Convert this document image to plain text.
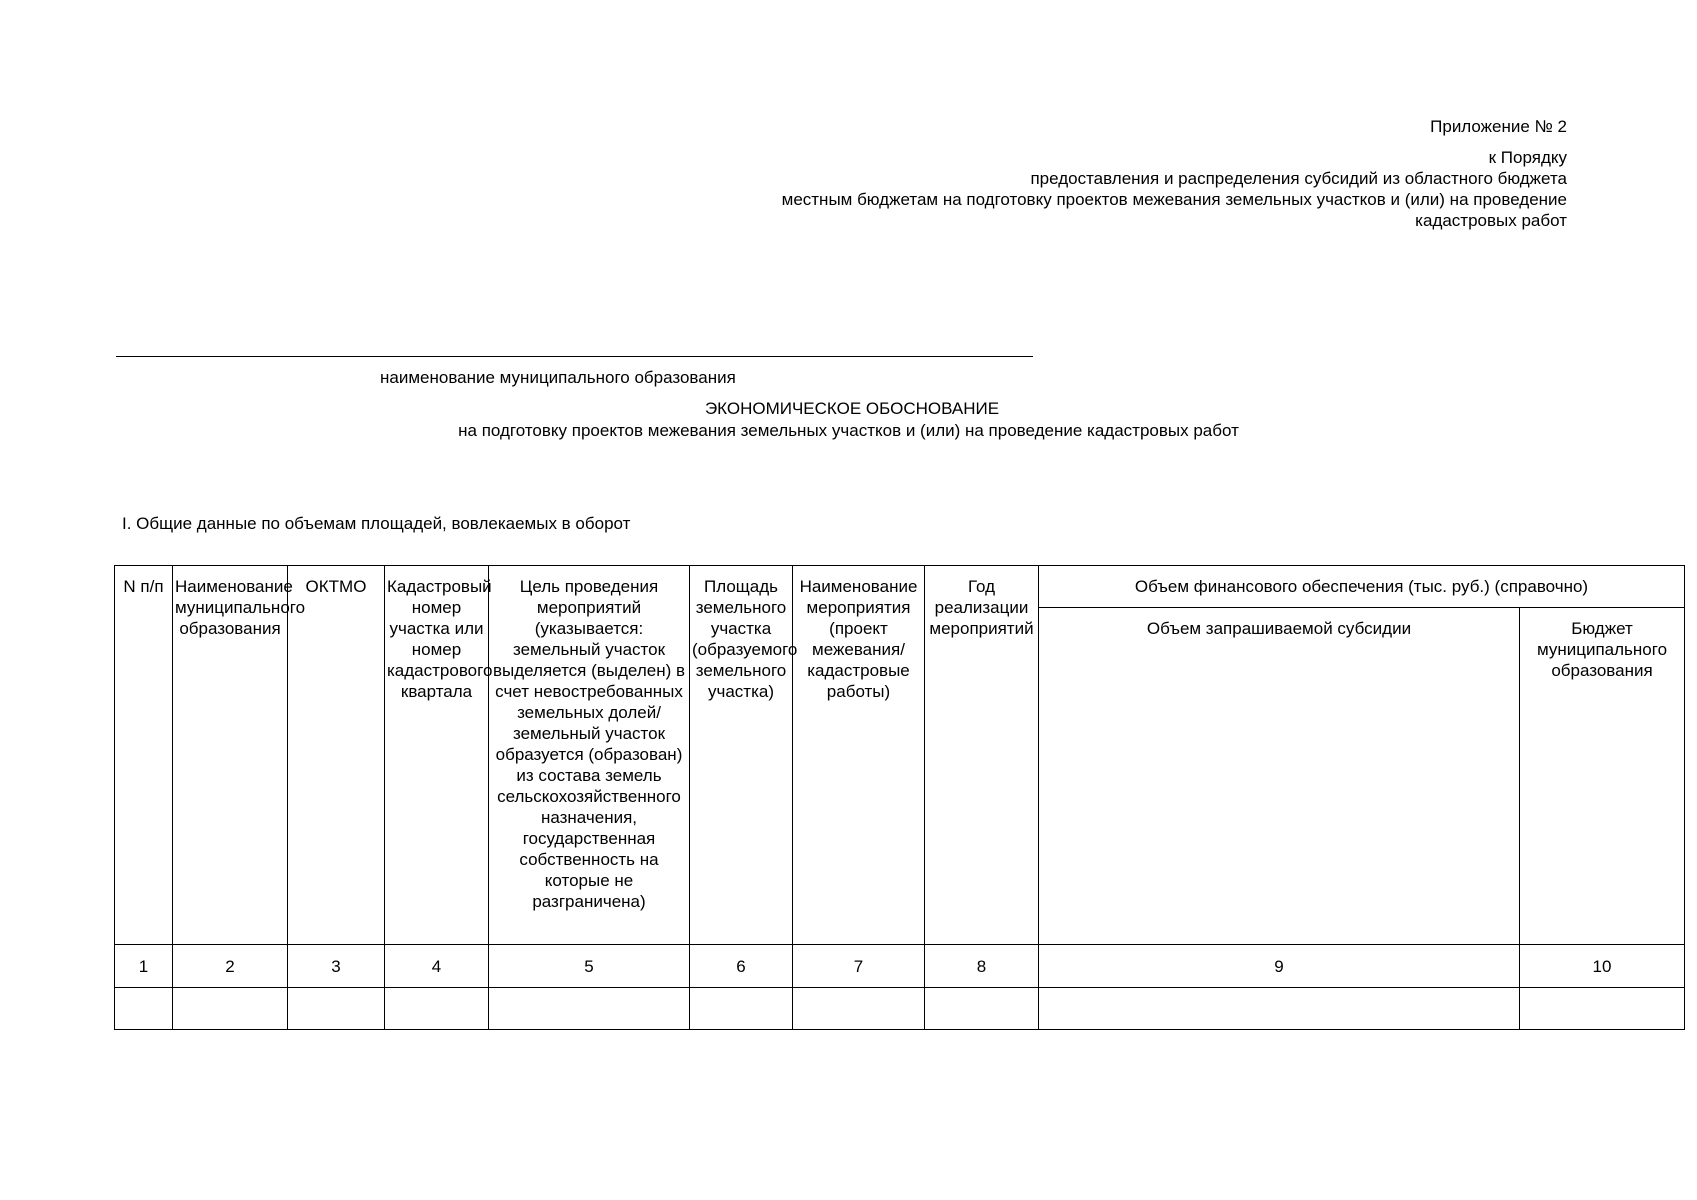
Приложение № 2
к Порядку
предоставления и распределения субсидий из областного бюджета
местным бюджетам на подготовку проектов межевания земельных участков и (или) на проведение
кадастровых работ
наименование муниципального образования
ЭКОНОМИЧЕСКОЕ ОБОСНОВАНИЕ
на подготовку проектов межевания земельных участков и (или) на проведение кадастровых работ
I. Общие данные по объемам площадей, вовлекаемых в оборот
N п/п	Наименование муниципального образования	ОКТМО	Кадастровый номер участка или номер кадастрового квартала	Цель проведения мероприятий (указывается: земельный участок выделяется (выделен) в счет невостребованных земельных долей/земельный участок образуется (образован) из состава земель сельскохозяйственного назначения, государственная собственность на которые не разграничена)	Площадь земельного участка (образуемого земельного участка)	Наименование мероприятия (проект межевания/кадастровые работы)	Год реализации мероприятий	Объем финансового обеспечения (тыс. руб.) (справочно)	
								Объем запрашиваемой субсидии	Бюджет муниципального образования
1	2	3	4	5	6	7	8	9	10
